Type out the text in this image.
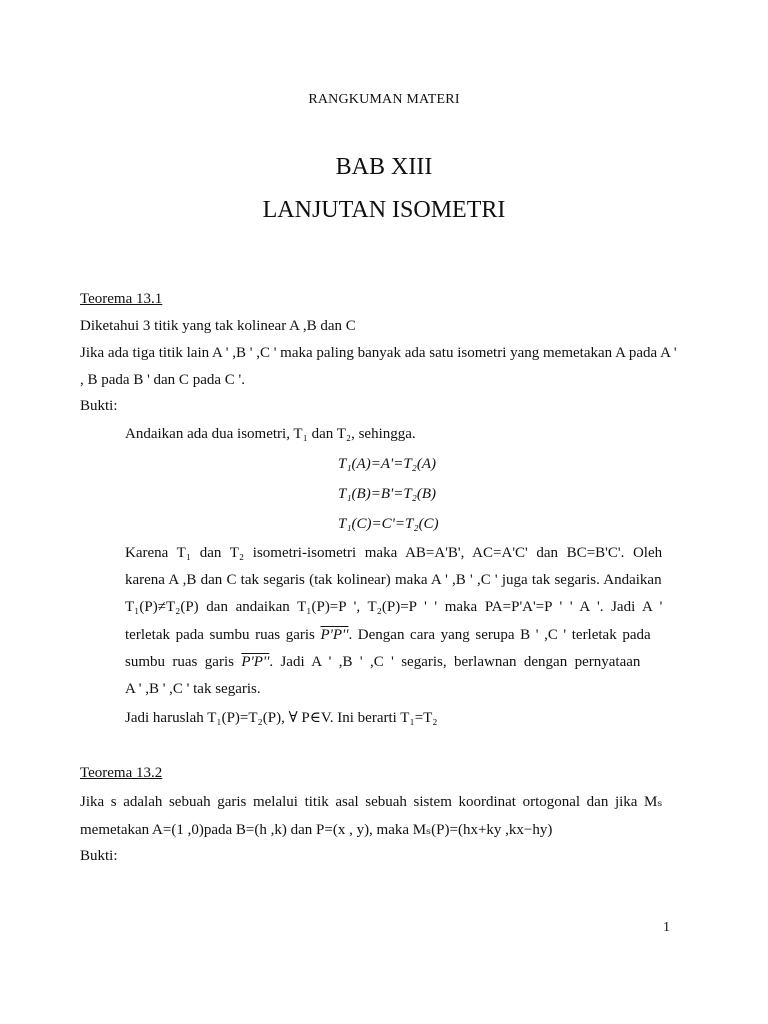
RANGKUMAN MATERI
BAB XIII
LANJUTAN ISOMETRI
Teorema 13.1
Diketahui 3 titik yang tak kolinear A ,B dan C
Jika ada tiga titik lain A ' ,B ' ,C ' maka paling banyak ada satu isometri yang memetakan A pada A '
, B pada B ' dan C pada C '.
Bukti:
Andaikan ada dua isometri, T₁ dan T₂, sehingga.
T₁(A)=A'=T₂(A)
T₁(B)=B'=T₂(B)
T₁(C)=C'=T₂(C)
Karena T₁ dan T₂ isometri-isometri maka AB=A'B', AC=A'C' dan BC=B'C'. Oleh
karena A ,B dan C tak segaris (tak kolinear) maka A ' ,B ' ,C ' juga tak segaris. Andaikan
T₁(P)≠T₂(P) dan andaikan T₁(P)=P ', T₂(P)=P ' ' maka PA=P'A'=P ' ' A '. Jadi A '
terletak pada sumbu ruas garis P'P''. Dengan cara yang serupa B ' ,C ' terletak pada
sumbu ruas garis P'P''. Jadi A ' ,B ' ,C ' segaris, berlawnan dengan pernyataan
A ' ,B ' ,C ' tak segaris.
Jadi haruslah T₁(P)=T₂(P), ∀ P∈V. Ini berarti T₁=T₂
Teorema 13.2
Jika s adalah sebuah garis melalui titik asal sebuah sistem koordinat ortogonal dan jika Mₛ
memetakan A=(1 ,0)pada B=(h ,k) dan P=(x , y), maka Mₛ(P)=(hx+ky ,kx−hy)
Bukti:
1
